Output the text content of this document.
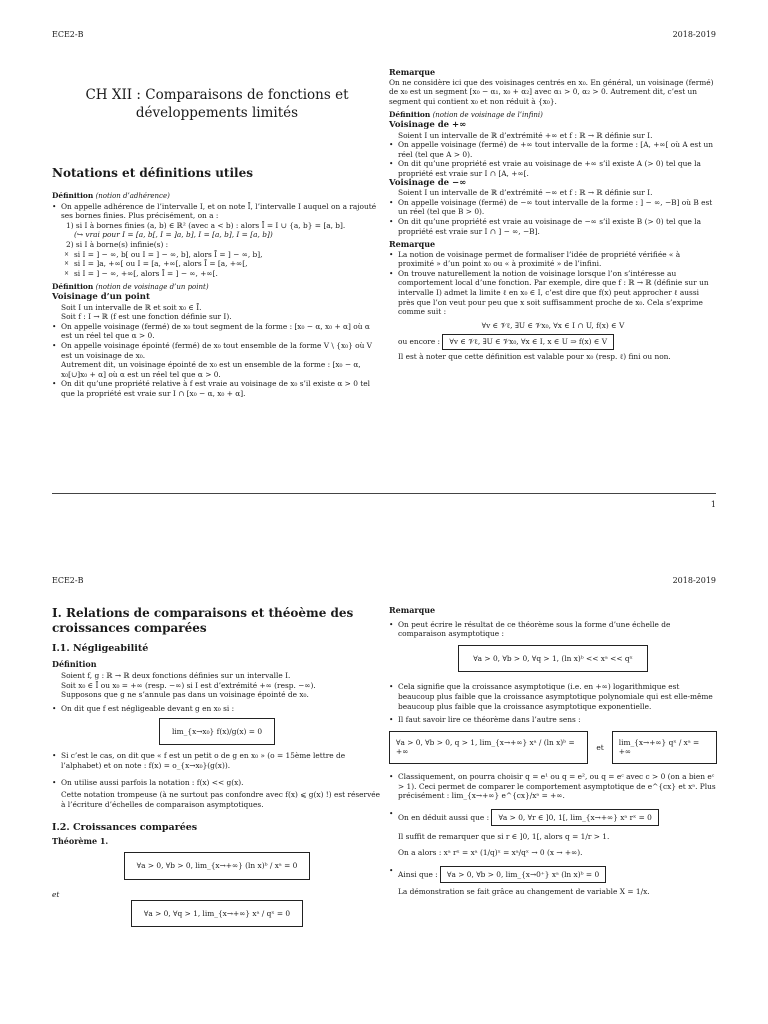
ECE2-B	2018-2019

CH XII : Comparaisons de fonctions et développements limités

Notations et définitions utiles

Définition (notion d’adhérence)

• On appelle adhérence de l’intervalle I, et on note Ī, l’intervalle I auquel on a rajouté ses bornes finies. Plus précisément, on a :

1) si I à bornes finies (a, b) ∈ ℝ² (avec a < b) : alors Ī = I ∪ {a, b} = [a, b].

(↪ vrai pour I = [a, b[, I = ]a, b], I = [a, b], I = [a, b])

2) si I à borne(s) infinie(s) :

× si I = ] − ∞, b[ ou I = ] − ∞, b], alors Ī = ] − ∞, b],

× si I = ]a, +∞[ ou I = [a, +∞[, alors Ī = [a, +∞[,

× si I = ] − ∞, +∞[, alors Ī = ] − ∞, +∞[.

Définition (notion de voisinage d’un point)

Voisinage d’un point

Soit I un intervalle de ℝ et soit x₀ ∈ Ī.

Soit f : I → ℝ (f est une fonction définie sur I).

• On appelle voisinage (fermé) de x₀ tout segment de la forme : [x₀ − α, x₀ + α] où α est un réel tel que α > 0.

• On appelle voisinage épointé (fermé) de x₀ tout ensemble de la forme V \ {x₀} où V est un voisinage de x₀.

Autrement dit, un voisinage épointé de x₀ est un ensemble de la forme : [x₀ − α, x₀[∪]x₀ + α] où α est un réel tel que α > 0.

• On dit qu’une propriété relative à f est vraie au voisinage de x₀ s’il existe α > 0 tel que la propriété est vraie sur I ∩ [x₀ − α, x₀ + α].

Remarque

On ne considère ici que des voisinages centrés en x₀. En général, un voisinage (fermé) de x₀ est un segment [x₀ − α₁, x₀ + α₂] avec α₁ > 0, α₂ > 0. Autrement dit, c’est un segment qui contient x₀ et non réduit à {x₀}.

Définition (notion de voisinage de l’infini)

Voisinage de +∞

Soient I un intervalle de ℝ d’extrémité +∞ et f : ℝ → ℝ définie sur I.

• On appelle voisinage (fermé) de +∞ tout intervalle de la forme : [A, +∞[ où A est un réel (tel que A > 0).

• On dit qu’une propriété est vraie au voisinage de +∞ s’il existe A (> 0) tel que la propriété est vraie sur I ∩ [A, +∞[.

Voisinage de −∞

Soient I un intervalle de ℝ d’extrémité −∞ et f : ℝ → ℝ définie sur I.

• On appelle voisinage (fermé) de −∞ tout intervalle de la forme : ] − ∞, −B] où B est un réel (tel que B > 0).

• On dit qu’une propriété est vraie au voisinage de −∞ s’il existe B (> 0) tel que la propriété est vraie sur I ∩ ] − ∞, −B].

Remarque

• La notion de voisinage permet de formaliser l’idée de propriété vérifiée « à proximité » d’un point x₀ ou « à proximité » de l’infini.

• On trouve naturellement la notion de voisinage lorsque l’on s’intéresse au comportement local d’une fonction. Par exemple, dire que f : ℝ → ℝ (définie sur un intervalle I) admet la limite ℓ en x₀ ∈ I, c’est dire que f(x) peut approcher ℓ aussi près que l’on veut pour peu que x soit suffisamment proche de x₀. Cela s’exprime comme suit :

∀v ∈ 𝒱ℓ, ∃U ∈ 𝒱x₀, ∀x ∈ I ∩ U, f(x) ∈ V

ou encore : ∀v ∈ 𝒱ℓ, ∃U ∈ 𝒱x₀, ∀x ∈ I, x ∈ U ⇒ f(x) ∈ V

Il est à noter que cette définition est valable pour x₀ (resp. ℓ) fini ou non.

1
ECE2-B	2018-2019

I. Relations de comparaisons et théoème des croissances comparées

I.1. Négligeabilité

Définition

Soient f, g : ℝ → ℝ deux fonctions définies sur un intervalle I.

Soit x₀ ∈ Ī ou x₀ = +∞ (resp. −∞) si I est d’extrémité +∞ (resp. −∞).

Supposons que g ne s’annule pas dans un voisinage épointé de x₀.

• On dit que f est négligeable devant g en x₀ si :

lim_{x→x₀} f(x)/g(x) = 0

• Si c’est le cas, on dit que « f est un petit o de g en x₀ » (o = 15ème lettre de l’alphabet) et on note : f(x) = o_{x→x₀}(g(x)).

• On utilise aussi parfois la notation : f(x) << g(x).

Cette notation trompeuse (à ne surtout pas confondre avec f(x) ⩽ g(x) !) est réservée à l’écriture d’échelles de comparaison asymptotiques.

I.2. Croissances comparées

Théorème 1.

∀a > 0, ∀b > 0, lim_{x→+∞} (ln x)ᵇ / xᵃ = 0

et

∀a > 0, ∀q > 1, lim_{x→+∞} xᵃ / qˣ = 0

Remarque

• On peut écrire le résultat de ce théorème sous la forme d’une échelle de comparaison asymptotique :

∀a > 0, ∀b > 0, ∀q > 1, (ln x)ᵇ << xᵃ << qˣ

• Cela signifie que la croissance asymptotique (i.e. en +∞) logarithmique est beaucoup plus faible que la croissance asymptotique polynomiale qui est elle-même beaucoup plus faible que la croissance asymptotique exponentielle.

• Il faut savoir lire ce théorème dans l’autre sens :

∀a > 0, ∀b > 0, q > 1, lim_{x→+∞} xᵃ / (ln x)ᵇ = +∞
et
lim_{x→+∞} qˣ / xᵃ = +∞

• Classiquement, on pourra choisir q = e¹ ou q = e², ou q = eᶜ avec c > 0 (on a bien eᶜ > 1). Ceci permet de comparer le comportement asymptotique de e^{cx} et xᵃ. Plus précisément : lim_{x→+∞} e^{cx}/xᵃ = +∞.

• On en déduit aussi que : ∀a > 0, ∀r ∈ ]0, 1[, lim_{x→+∞} xᵃ rˣ = 0

Il suffit de remarquer que si r ∈ ]0, 1[, alors q = 1/r > 1.

On a alors : xᵃ rˣ = xᵃ (1/q)ˣ = xᵃ/qˣ → 0 (x → +∞).

• Ainsi que : ∀a > 0, ∀b > 0, lim_{x→0⁺} xᵃ (ln x)ᵇ = 0

La démonstration se fait grâce au changement de variable X = 1/x.
